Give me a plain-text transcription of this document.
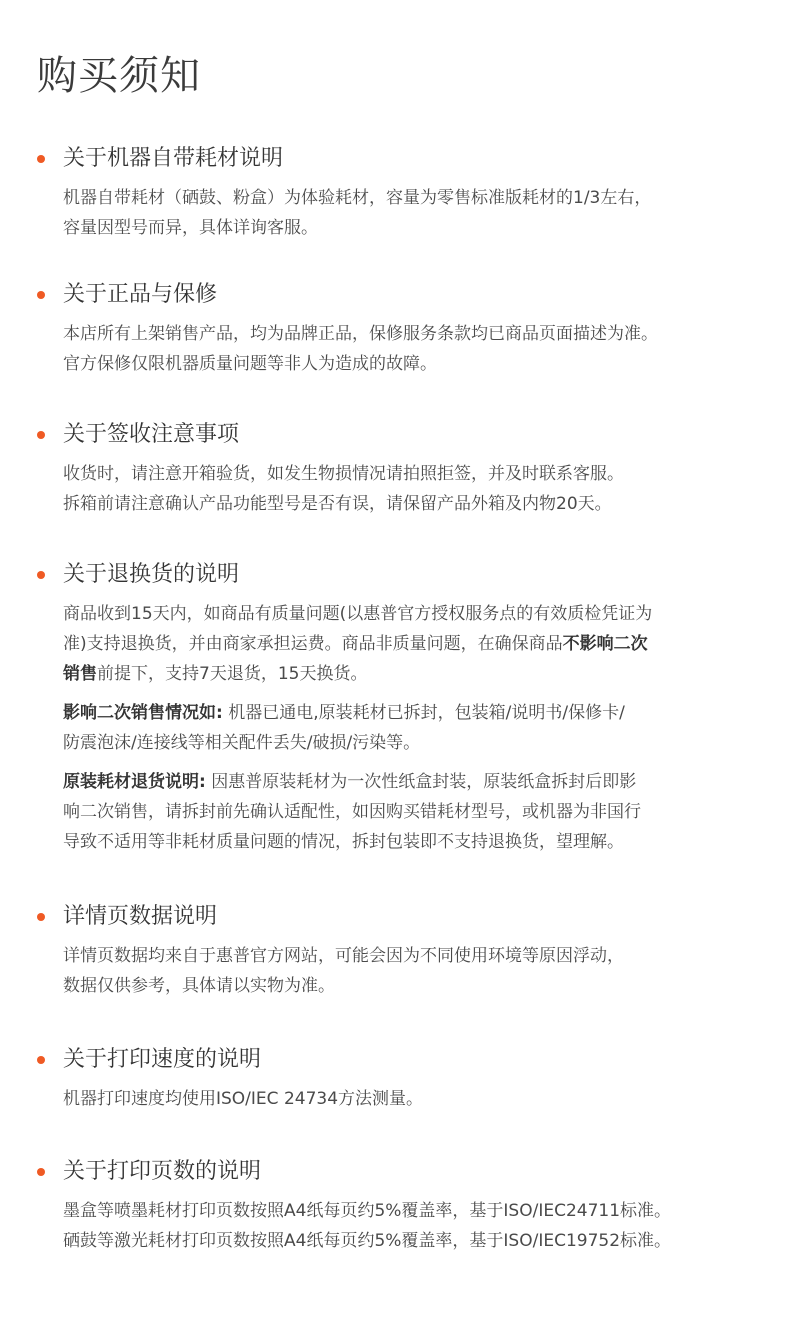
购买须知
关于机器自带耗材说明
机器自带耗材（硒鼓、粉盒）为体验耗材，容量为零售标准版耗材的1/3左右，
容量因型号而异，具体详询客服。
关于正品与保修
本店所有上架销售产品，均为品牌正品，保修服务条款均已商品页面描述为准。
官方保修仅限机器质量问题等非人为造成的故障。
关于签收注意事项
收货时，请注意开箱验货，如发生物损情况请拍照拒签，并及时联系客服。
拆箱前请注意确认产品功能型号是否有误，请保留产品外箱及内物20天。
关于退换货的说明
商品收到15天内，如商品有质量问题(以惠普官方授权服务点的有效质检凭证为
准)支持退换货，并由商家承担运费。商品非质量问题，在确保商品不影响二次
销售前提下，支持7天退货，15天换货。
影响二次销售情况如: 机器已通电,原装耗材已拆封，包装箱/说明书/保修卡/
防震泡沫/连接线等相关配件丢失/破损/污染等。
原装耗材退货说明: 因惠普原装耗材为一次性纸盒封装，原装纸盒拆封后即影
响二次销售，请拆封前先确认适配性，如因购买错耗材型号，或机器为非国行
导致不适用等非耗材质量问题的情况，拆封包装即不支持退换货，望理解。
详情页数据说明
详情页数据均来自于惠普官方网站，可能会因为不同使用环境等原因浮动，
数据仅供参考，具体请以实物为准。
关于打印速度的说明
机器打印速度均使用ISO/IEC 24734方法测量。
关于打印页数的说明
墨盒等喷墨耗材打印页数按照A4纸每页约5%覆盖率，基于ISO/IEC24711标准。
硒鼓等激光耗材打印页数按照A4纸每页约5%覆盖率，基于ISO/IEC19752标准。
